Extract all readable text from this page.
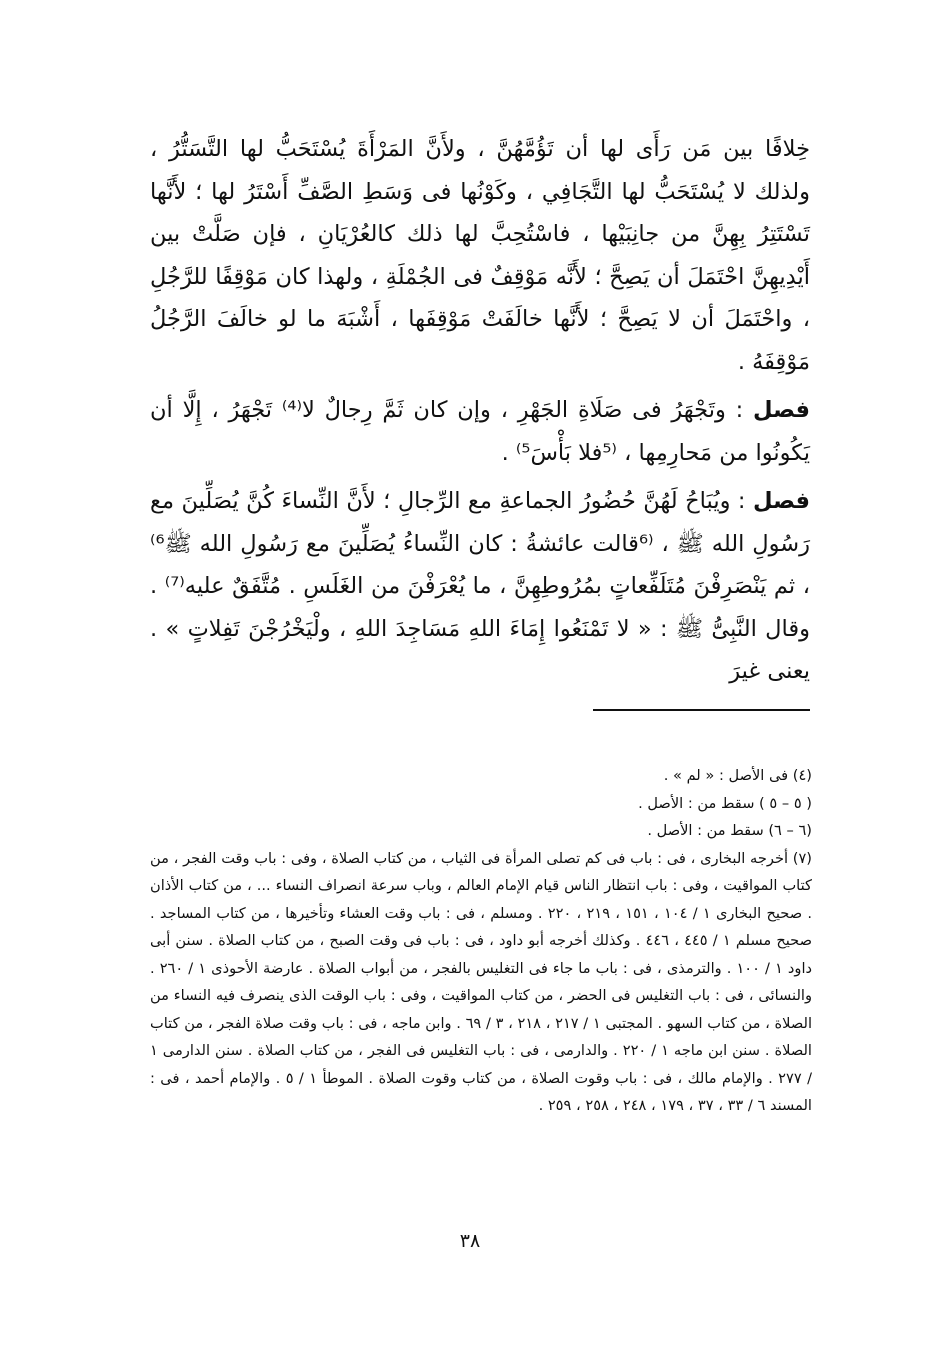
خِلافًا بين مَن رَأَى لها أن تَؤُمَّهُنَّ ، ولأَنَّ المَرْأَةَ يُسْتَحَبُّ لها التَّسَتُّرُ ، ولذلك لا يُسْتَحَبُّ لها التَّجَافِي ، وكَوْنُها فى وَسَطِ الصَّفِّ أَسْتَرُ لها ؛ لأَنَّها تَسْتَتِرُ بِهِنَّ من جانِبَيْها ، فاسْتُحِبَّ لها ذلك كالعُرْيَانِ ، فإن صَلَّتْ بين أَيْدِيهِنَّ احْتَمَلَ أن يَصِحَّ ؛ لأَنَّه مَوْقِفٌ فى الجُمْلَةِ ، ولهذا كان مَوْقِفًا للرَّجُلِ ، واحْتَمَلَ أن لا يَصِحَّ ؛ لأَنَّها خالَفَتْ مَوْقِفَها ، أَشْبَهَ ما لو خالَفَ الرَّجُلُ مَوْقِفَهُ .

فصل : وتَجْهَرُ فى صَلَاةِ الجَهْرِ ، وإن كان ثَمَّ رِجالٌ لا⁽⁴⁾ تَجْهَرُ ، إِلَّا أن يَكُونُوا من مَحارِمِها ، ⁽⁵فلا بَأْسَ⁵⁾ .

فصل : ويُبَاحُ لَهُنَّ حُضُورُ الجماعةِ مع الرِّجالِ ؛ لأَنَّ النِّساءَ كُنَّ يُصَلِّينَ مع رَسُولِ الله ﷺ ، ⁽⁶قالت عائشةُ : كان النِّساءُ يُصَلِّينَ مع رَسُولِ الله ﷺ⁶⁾ ، ثم يَنْصَرِفْنَ مُتَلَفِّعاتٍ بمُرُوطِهِنَّ ، ما يُعْرَفْنَ من الغَلَسِ . مُتَّفَقٌ عليه⁽⁷⁾ . وقال النَّبِىُّ ﷺ : « لا تَمْنَعُوا إِمَاءَ اللهِ مَسَاجِدَ اللهِ ، ولْيَخْرُجْنَ تَفِلاتٍ » . يعنى غيرَ

(٤) فى الأصل : « لم » .

( ٥ – ٥ ) سقط من : الأصل .

(٦ – ٦) سقط من : الأصل .

(٧) أخرجه البخارى ، فى : باب فى كم تصلى المرأة فى الثياب ، من كتاب الصلاة ، وفى : باب وقت الفجر ، من كتاب المواقيت ، وفى : باب انتظار الناس قيام الإمام العالم ، وباب سرعة انصراف النساء ... ، من كتاب الأذان . صحيح البخارى ١ / ١٠٤ ، ١٥١ ، ٢١٩ ، ٢٢٠ . ومسلم ، فى : باب وقت العشاء وتأخيرها ، من كتاب المساجد . صحيح مسلم ١ / ٤٤٥ ، ٤٤٦ . وكذلك أخرجه أبو داود ، فى : باب فى وقت الصبح ، من كتاب الصلاة . سنن أبى داود ١ / ١٠٠ . والترمذى ، فى : باب ما جاء فى التغليس بالفجر ، من أبواب الصلاة . عارضة الأحوذى ١ / ٢٦٠ . والنسائى ، فى : باب التغليس فى الحضر ، من كتاب المواقيت ، وفى : باب الوقت الذى ينصرف فيه النساء من الصلاة ، من كتاب السهو . المجتبى ١ / ٢١٧ ، ٢١٨ ، ٣ / ٦٩ . وابن ماجه ، فى : باب وقت صلاة الفجر ، من كتاب الصلاة . سنن ابن ماجه ١ / ٢٢٠ . والدارمى ، فى : باب التغليس فى الفجر ، من كتاب الصلاة . سنن الدارمى ١ / ٢٧٧ . والإمام مالك ، فى : باب وقوت الصلاة ، من كتاب وقوت الصلاة . الموطأ ١ / ٥ . والإمام أحمد ، فى : المسند ٦ / ٣٣ ، ٣٧ ، ١٧٩ ، ٢٤٨ ، ٢٥٨ ، ٢٥٩ .

٣٨
